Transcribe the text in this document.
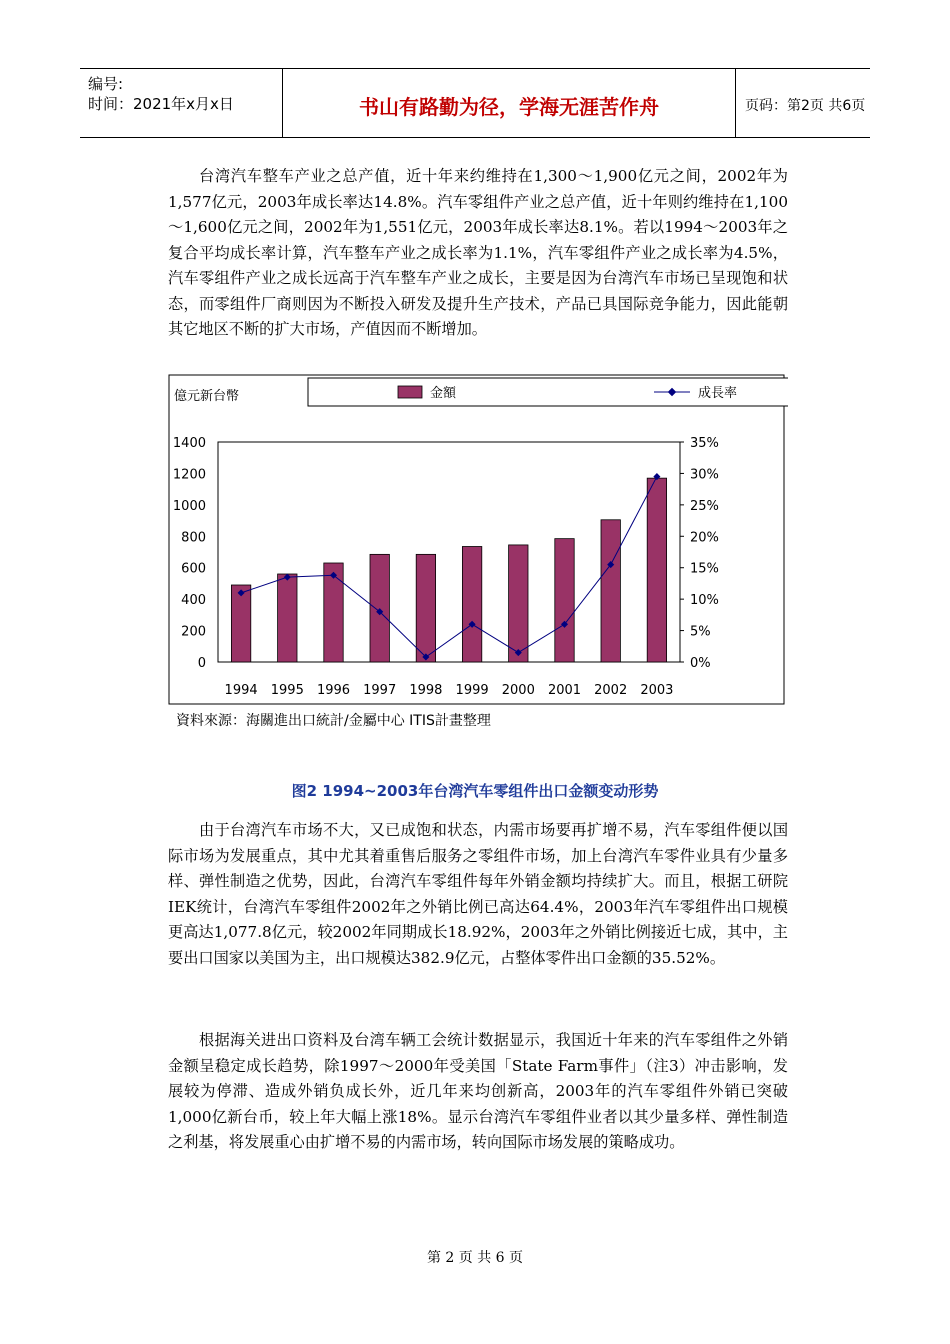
编号:
时间：2021年x月x日	书山有路勤为径，学海无涯苦作舟	页码：第2页 共6页

台湾汽车整车产业之总产值，近十年来约维持在1,300～1,900亿元之间，2002年为1,577亿元，2003年成长率达14.8%。汽车零组件产业之总产值，近十年则约维持在1,100～1,600亿元之间，2002年为1,551亿元，2003年成长率达8.1%。若以1994～2003年之复合平均成长率计算，汽车整车产业之成长率为1.1%，汽车零组件产业之成长率为4.5%，汽车零组件产业之成长远高于汽车整车产业之成长，主要是因为台湾汽车市场已呈现饱和状态，而零组件厂商则因为不断投入研发及提升生产技术，产品已具国际竞争能力，因此能朝其它地区不断的扩大市场，产值因而不断增加。

金額	成長率
億元新台幣
0
200
400
600
800
1000
1200
1400
0%
5%
10%
15%
20%
25%
30%
35%
1994 1995 1996 1997 1998 1999 2000 2001 2002 2003
資料來源：海關進出口統計/金屬中心 ITIS計畫整理
图2 1994~2003年台湾汽车零组件出口金额变动形势

由于台湾汽车市场不大，又已成饱和状态，内需市场要再扩增不易，汽车零组件便以国际市场为发展重点，其中尤其着重售后服务之零组件市场，加上台湾汽车零件业具有少量多样、弹性制造之优势，因此，台湾汽车零组件每年外销金额均持续扩大。而且，根据工研院IEK统计，台湾汽车零组件2002年之外销比例已高达64.4%，2003年汽车零组件出口规模更高达1,077.8亿元，较2002年同期成长18.92%，2003年之外销比例接近七成，其中，主要出口国家以美国为主，出口规模达382.9亿元，占整体零件出口金额的35.52%。

根据海关进出口资料及台湾车辆工会统计数据显示，我国近十年来的汽车零组件之外销金额呈稳定成长趋势，除1997～2000年受美国「State Farm事件」（注3）冲击影响，发展较为停滞、造成外销负成长外，近几年来均创新高，2003年的汽车零组件外销已突破1,000亿新台币，较上年大幅上涨18%。显示台湾汽车零组件业者以其少量多样、弹性制造之利基，将发展重心由扩增不易的内需市场，转向国际市场发展的策略成功。

第 2 页 共 6 页
